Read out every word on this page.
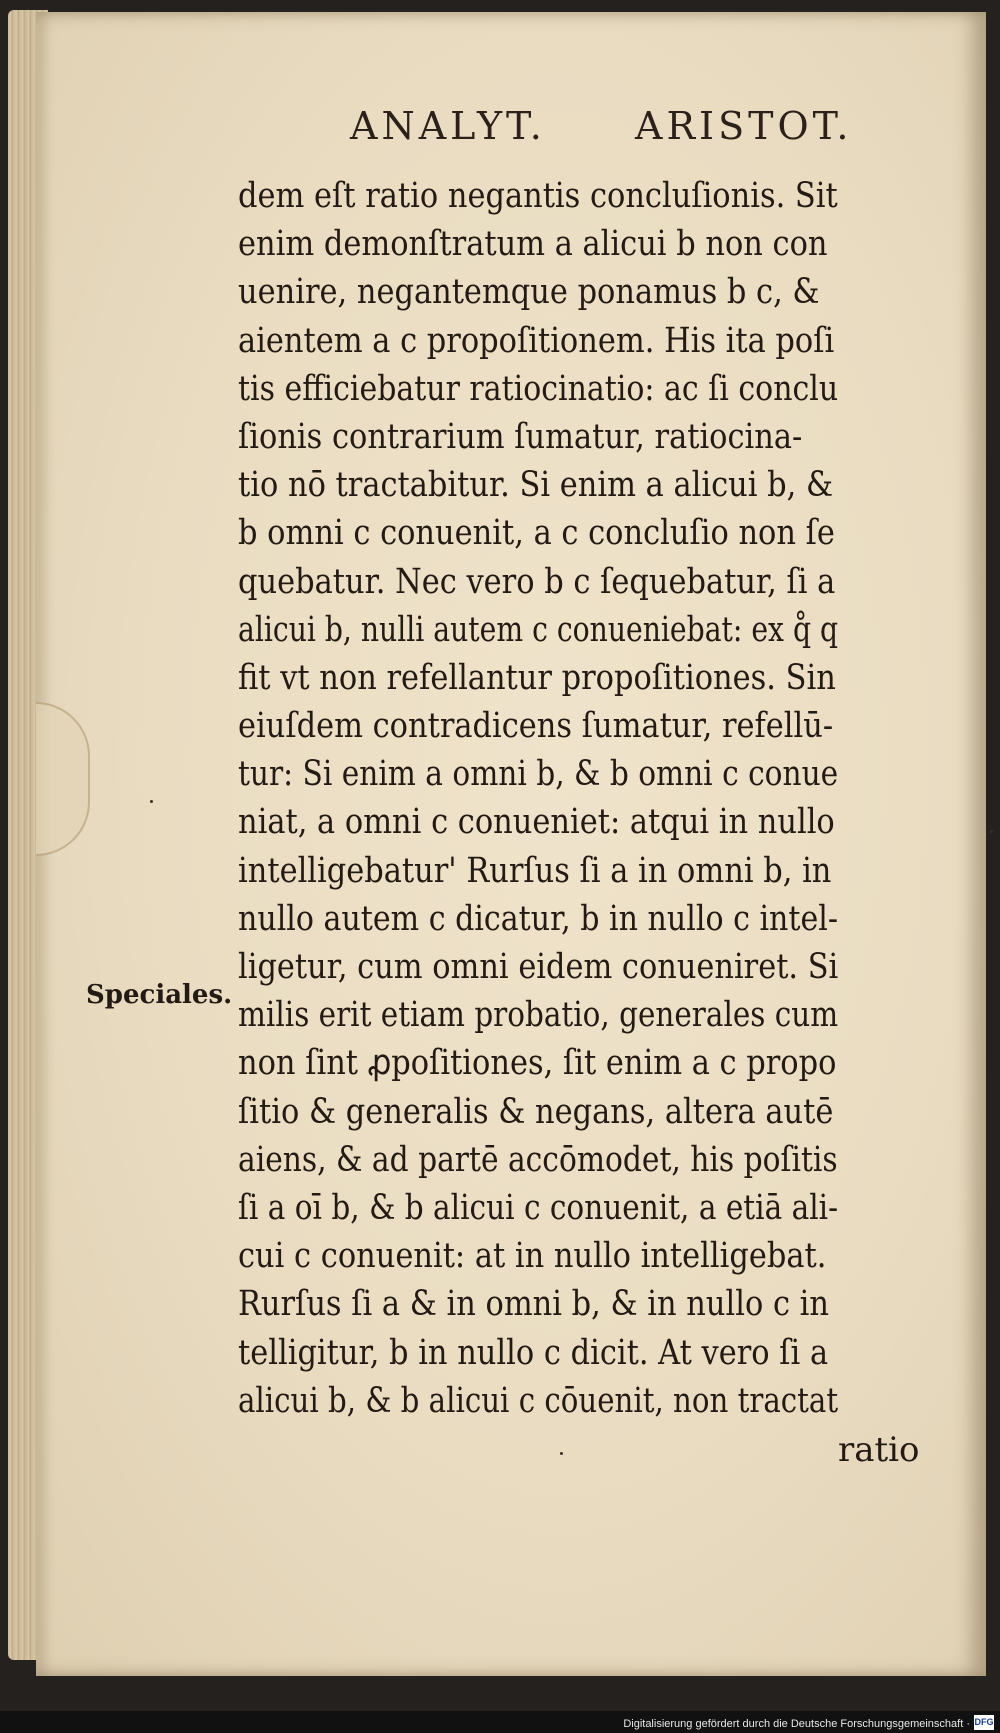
ANALYT. ARISTOT.
Speciales.
dem eſt ratio negantis concluſionis. Sit
enim demonſtratum a alicui b non con
uenire, negantemque ponamus b c, &
aientem a c propoſitionem. His ita poſi
tis efficiebatur ratiocinatio: ac ſi conclu
ſionis contrarium ſumatur, ratiocina-
tio nō tractabitur. Si enim a alicui b, &
b omni c conuenit, a c concluſio non ſe
quebatur. Nec vero b c ſequebatur, ſi a
alicui b, nulli autem c conueniebat: ex q̊ q
fit vt non refellantur propoſitiones. Sin
eiuſdem contradicens ſumatur, refellū-
tur: Si enim a omni b, & b omni c conue
niat, a omni c conueniet: atqui in nullo
intelligebatur' Rurſus ſi a in omni b, in
nullo autem c dicatur, b in nullo c intel-
ligetur, cum omni eidem conueniret. Si
milis erit etiam probatio, generales cum
non ſint ꝓpoſitiones, ſit enim a c propo
ſitio & generalis & negans, altera autē
aiens, & ad partē accōmodet, his poſitis
ſi a oī b, & b alicui c conuenit, a etiā ali-
cui c conuenit: at in nullo intelligebat.
Rurſus ſi a & in omni b, & in nullo c in
telligitur, b in nullo c dicit. At vero ſi a
alicui b, & b alicui c cōuenit, non tractat
ratio
Digitalisierung gefördert durch die Deutsche Forschungsgemeinschaft · DFG
